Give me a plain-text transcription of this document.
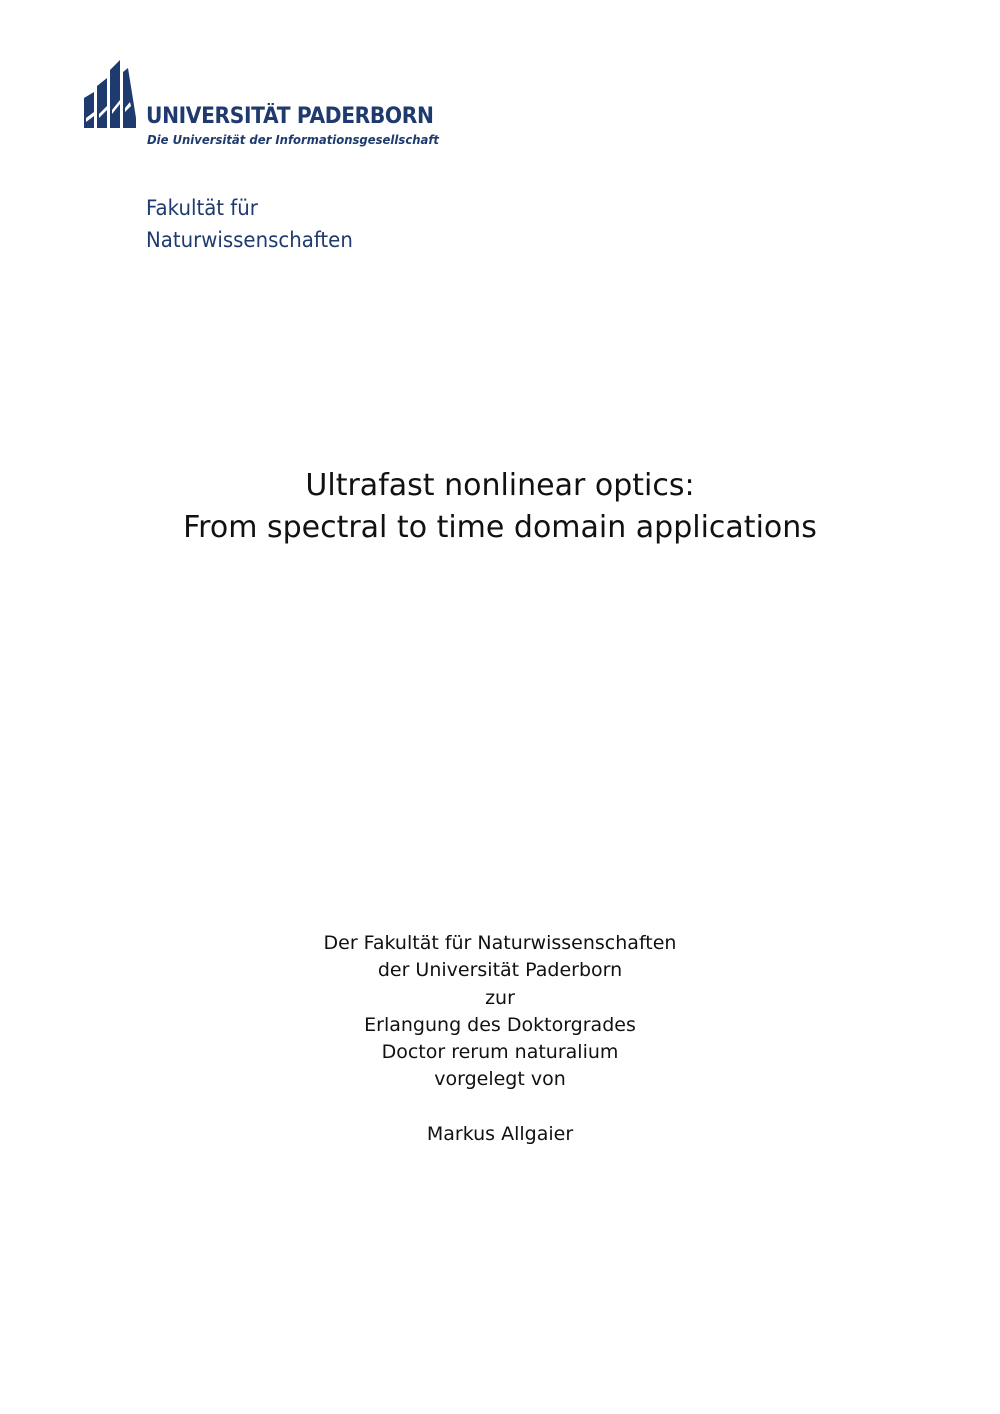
UNIVERSITÄT PADERBORN
Die Universität der Informationsgesellschaft
Fakultät für
Naturwissenschaften
Ultrafast nonlinear optics:
From spectral to time domain applications
Der Fakultät für Naturwissenschaften
der Universität Paderborn
zur
Erlangung des Doktorgrades
Doctor rerum naturalium
vorgelegt von
Markus Allgaier
